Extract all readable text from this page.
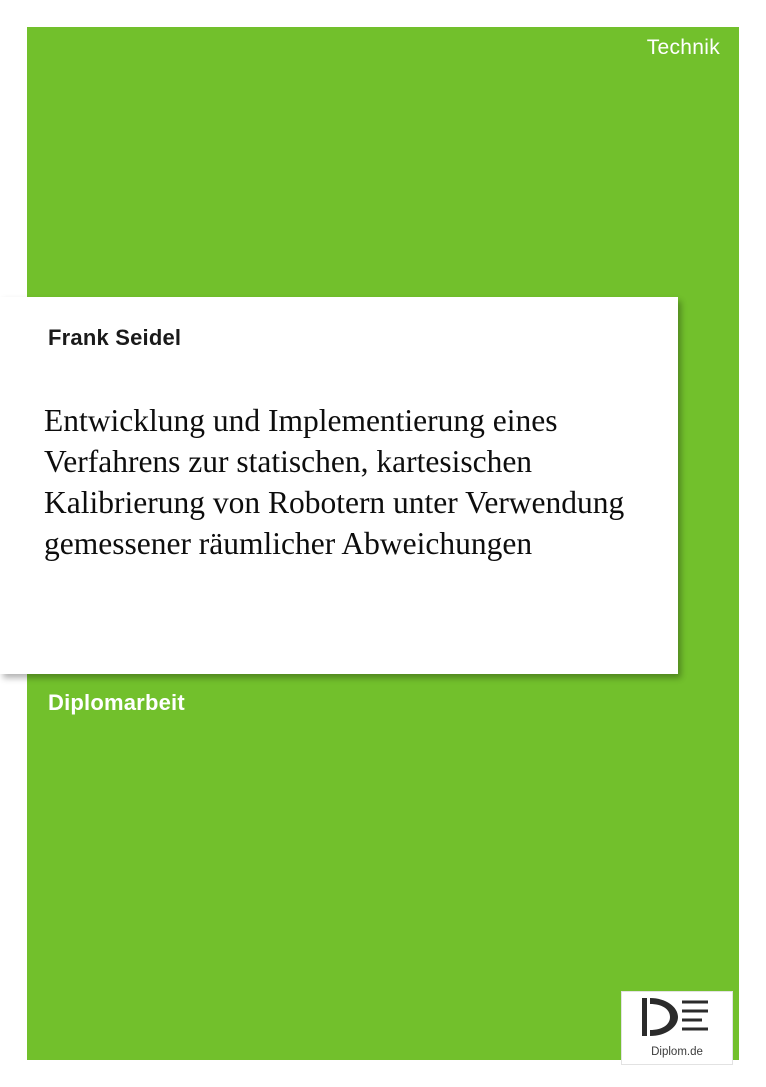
Technik
Frank Seidel
Entwicklung und Implementierung eines Verfahrens zur statischen, kartesischen Kalibrierung von Robotern unter Verwendung gemessener räumlicher Abweichungen
Diplomarbeit
Diplom.de
